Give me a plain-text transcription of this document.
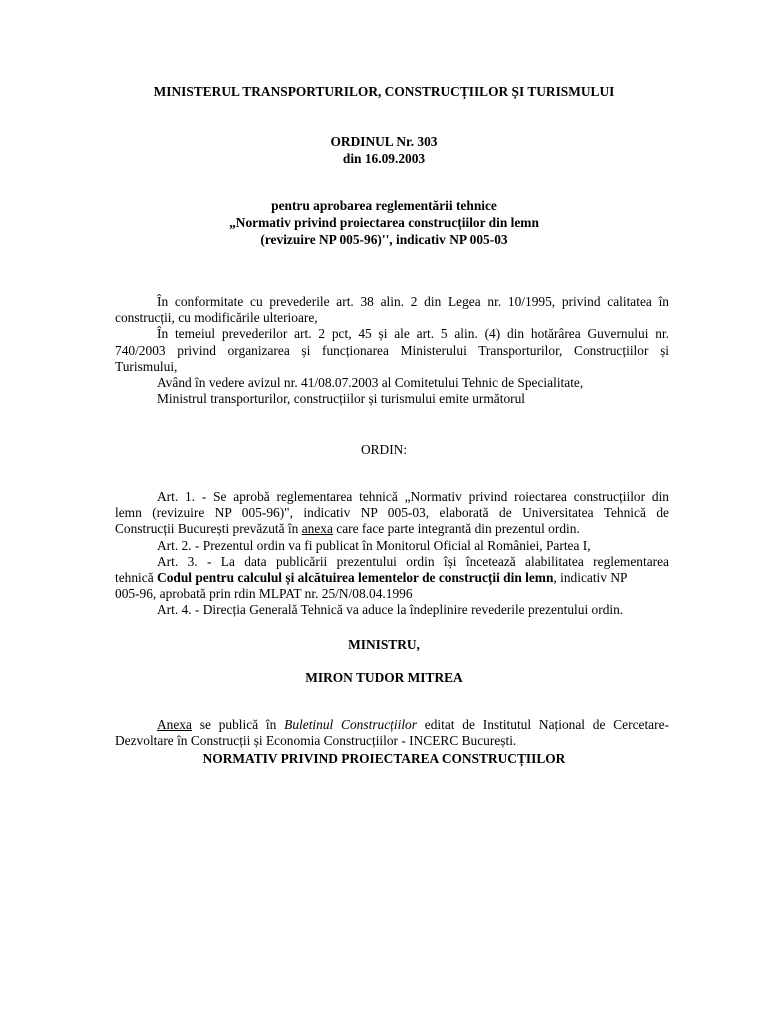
MINISTERUL TRANSPORTURILOR, CONSTRUCȚIILOR ȘI TURISMULUI
ORDINUL Nr. 303
din 16.09.2003
pentru aprobarea reglementării tehnice
„Normativ privind proiectarea construcțiilor din lemn
(revizuire NP 005-96)'', indicativ NP 005-03
În conformitate cu prevederile art. 38 alin. 2 din Legea nr. 10/1995, privind calitatea în
construcții, cu modificările ulterioare,
În temeiul prevederilor art. 2 pct, 45 și ale art. 5 alin. (4) din hotărârea Guvernului nr.
740/2003 privind organizarea și funcționarea Ministerului Transporturilor, Construcțiilor și
Turismului,
Având în vedere avizul nr. 41/08.07.2003 al Comitetului Tehnic de Specialitate,
Ministrul transporturilor, construcțiilor și turismului emite următorul
ORDIN:
Art. 1. - Se aprobă reglementarea tehnică „Normativ privind roiectarea construcțiilor din
lemn (revizuire NP 005-96)", indicativ NP 005-03, elaborată de Universitatea Tehnică de
Construcții București prevăzută în anexa care face parte integrantă din prezentul ordin.
Art. 2. - Prezentul ordin va fi publicat în Monitorul Oficial al României, Partea I,
Art. 3. - La data publicării prezentului ordin își încetează alabilitatea reglementarea
tehnică Codul pentru calculul și alcătuirea lementelor de construcții din lemn, indicativ NP
005-96, aprobată prin rdin MLPAT nr. 25/N/08.04.1996
Art. 4. - Direcția Generală Tehnică va aduce la îndeplinire revederile prezentului ordin.
MINISTRU,
MIRON TUDOR MITREA
Anexa se publică în Buletinul Construcțiilor editat de Institutul Național de Cercetare-
Dezvoltare în Construcții și Economia Construcțiilor - INCERC București.
NORMATIV PRIVIND PROIECTAREA CONSTRUCȚIILOR
